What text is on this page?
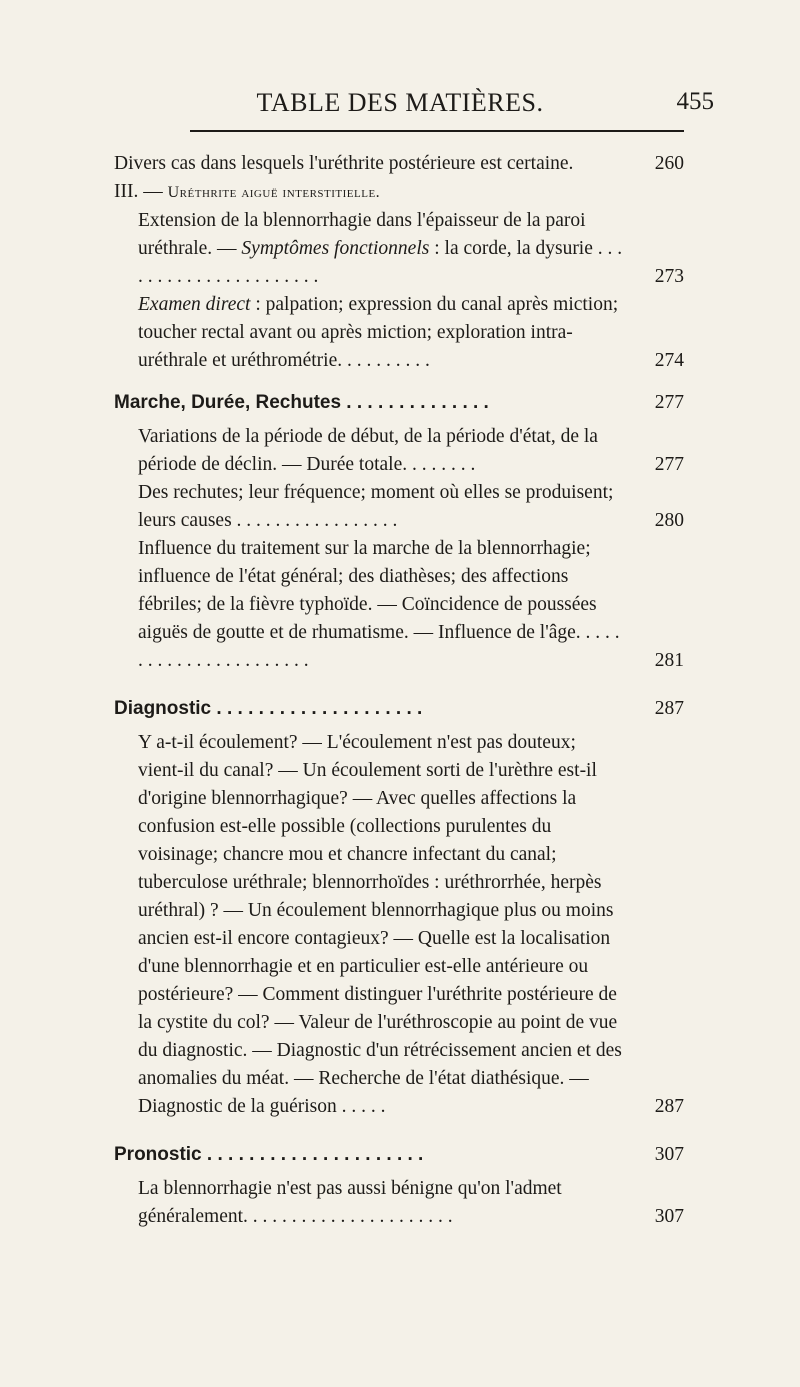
TABLE DES MATIÈRES.	455
Divers cas dans lesquels l'uréthrite postérieure est certaine.	260
III. — Uréthrite aiguë interstitielle.
Extension de la blennorrhagie dans l'épaisseur de la paroi uréthrale. — Symptômes fonctionnels : la corde, la dysurie . . . . . . . . . . . . . . . . . . . . . .	273
Examen direct : palpation; expression du canal après miction; toucher rectal avant ou après miction; exploration intra-uréthrale et uréthrométrie. . . . . . . . . .	274
Marche, Durée, Rechutes . . . . . . . . . . . . . .	277
Variations de la période de début, de la période d'état, de la période de déclin. — Durée totale. . . . . . . .	277
Des rechutes; leur fréquence; moment où elles se produisent; leurs causes . . . . . . . . . . . . . . . . .	280
Influence du traitement sur la marche de la blennorrhagie; influence de l'état général; des diathèses; des affections fébriles; de la fièvre typhoïde. — Coïncidence de poussées aiguës de goutte et de rhumatisme. — Influence de l'âge. . . . . . . . . . . . . . . . . . . . . . .	281
Diagnostic . . . . . . . . . . . . . . . . . . . .	287
Y a-t-il écoulement? — L'écoulement n'est pas douteux; vient-il du canal? — Un écoulement sorti de l'urèthre est-il d'origine blennorrhagique? — Avec quelles affections la confusion est-elle possible (collections purulentes du voisinage; chancre mou et chancre infectant du canal; tuberculose uréthrale; blennorrhoïdes : uréthrorrhée, herpès uréthral) ? — Un écoulement blennorrhagique plus ou moins ancien est-il encore contagieux? — Quelle est la localisation d'une blennorrhagie et en particulier est-elle antérieure ou postérieure? — Comment distinguer l'uréthrite postérieure de la cystite du col? — Valeur de l'uréthroscopie au point de vue du diagnostic. — Diagnostic d'un rétrécissement ancien et des anomalies du méat. — Recherche de l'état diathésique. — Diagnostic de la guérison . . . . .	287
Pronostic . . . . . . . . . . . . . . . . . . . . .	307
La blennorrhagie n'est pas aussi bénigne qu'on l'admet généralement. . . . . . . . . . . . . . . . . . . . . .	307
